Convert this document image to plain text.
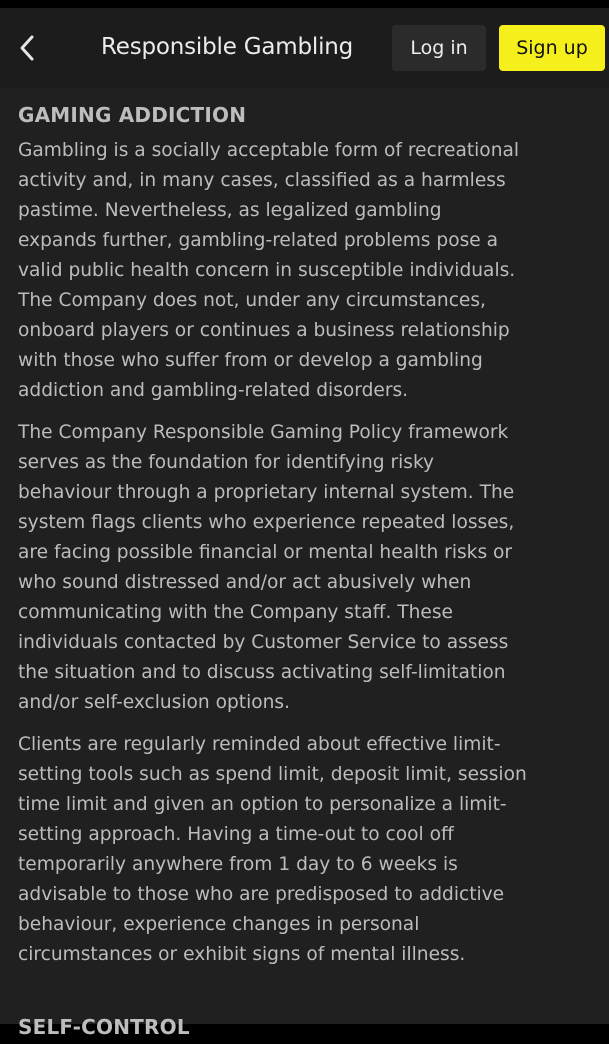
Responsible Gambling	Log in	Sign up
GAMING ADDICTION

Gambling is a socially acceptable form of recreational
activity and, in many cases, classified as a harmless
pastime. Nevertheless, as legalized gambling
expands further, gambling-related problems pose a
valid public health concern in susceptible individuals.
The Company does not, under any circumstances,
onboard players or continues a business relationship
with those who suffer from or develop a gambling
addiction and gambling-related disorders.

The Company Responsible Gaming Policy framework
serves as the foundation for identifying risky
behaviour through a proprietary internal system. The
system flags clients who experience repeated losses,
are facing possible financial or mental health risks or
who sound distressed and/or act abusively when
communicating with the Company staff. These
individuals contacted by Customer Service to assess
the situation and to discuss activating self-limitation
and/or self-exclusion options.

Clients are regularly reminded about effective limit-
setting tools such as spend limit, deposit limit, session
time limit and given an option to personalize a limit-
setting approach. Having a time-out to cool off
temporarily anywhere from 1 day to 6 weeks is
advisable to those who are predisposed to addictive
behaviour, experience changes in personal
circumstances or exhibit signs of mental illness.

SELF-CONTROL
